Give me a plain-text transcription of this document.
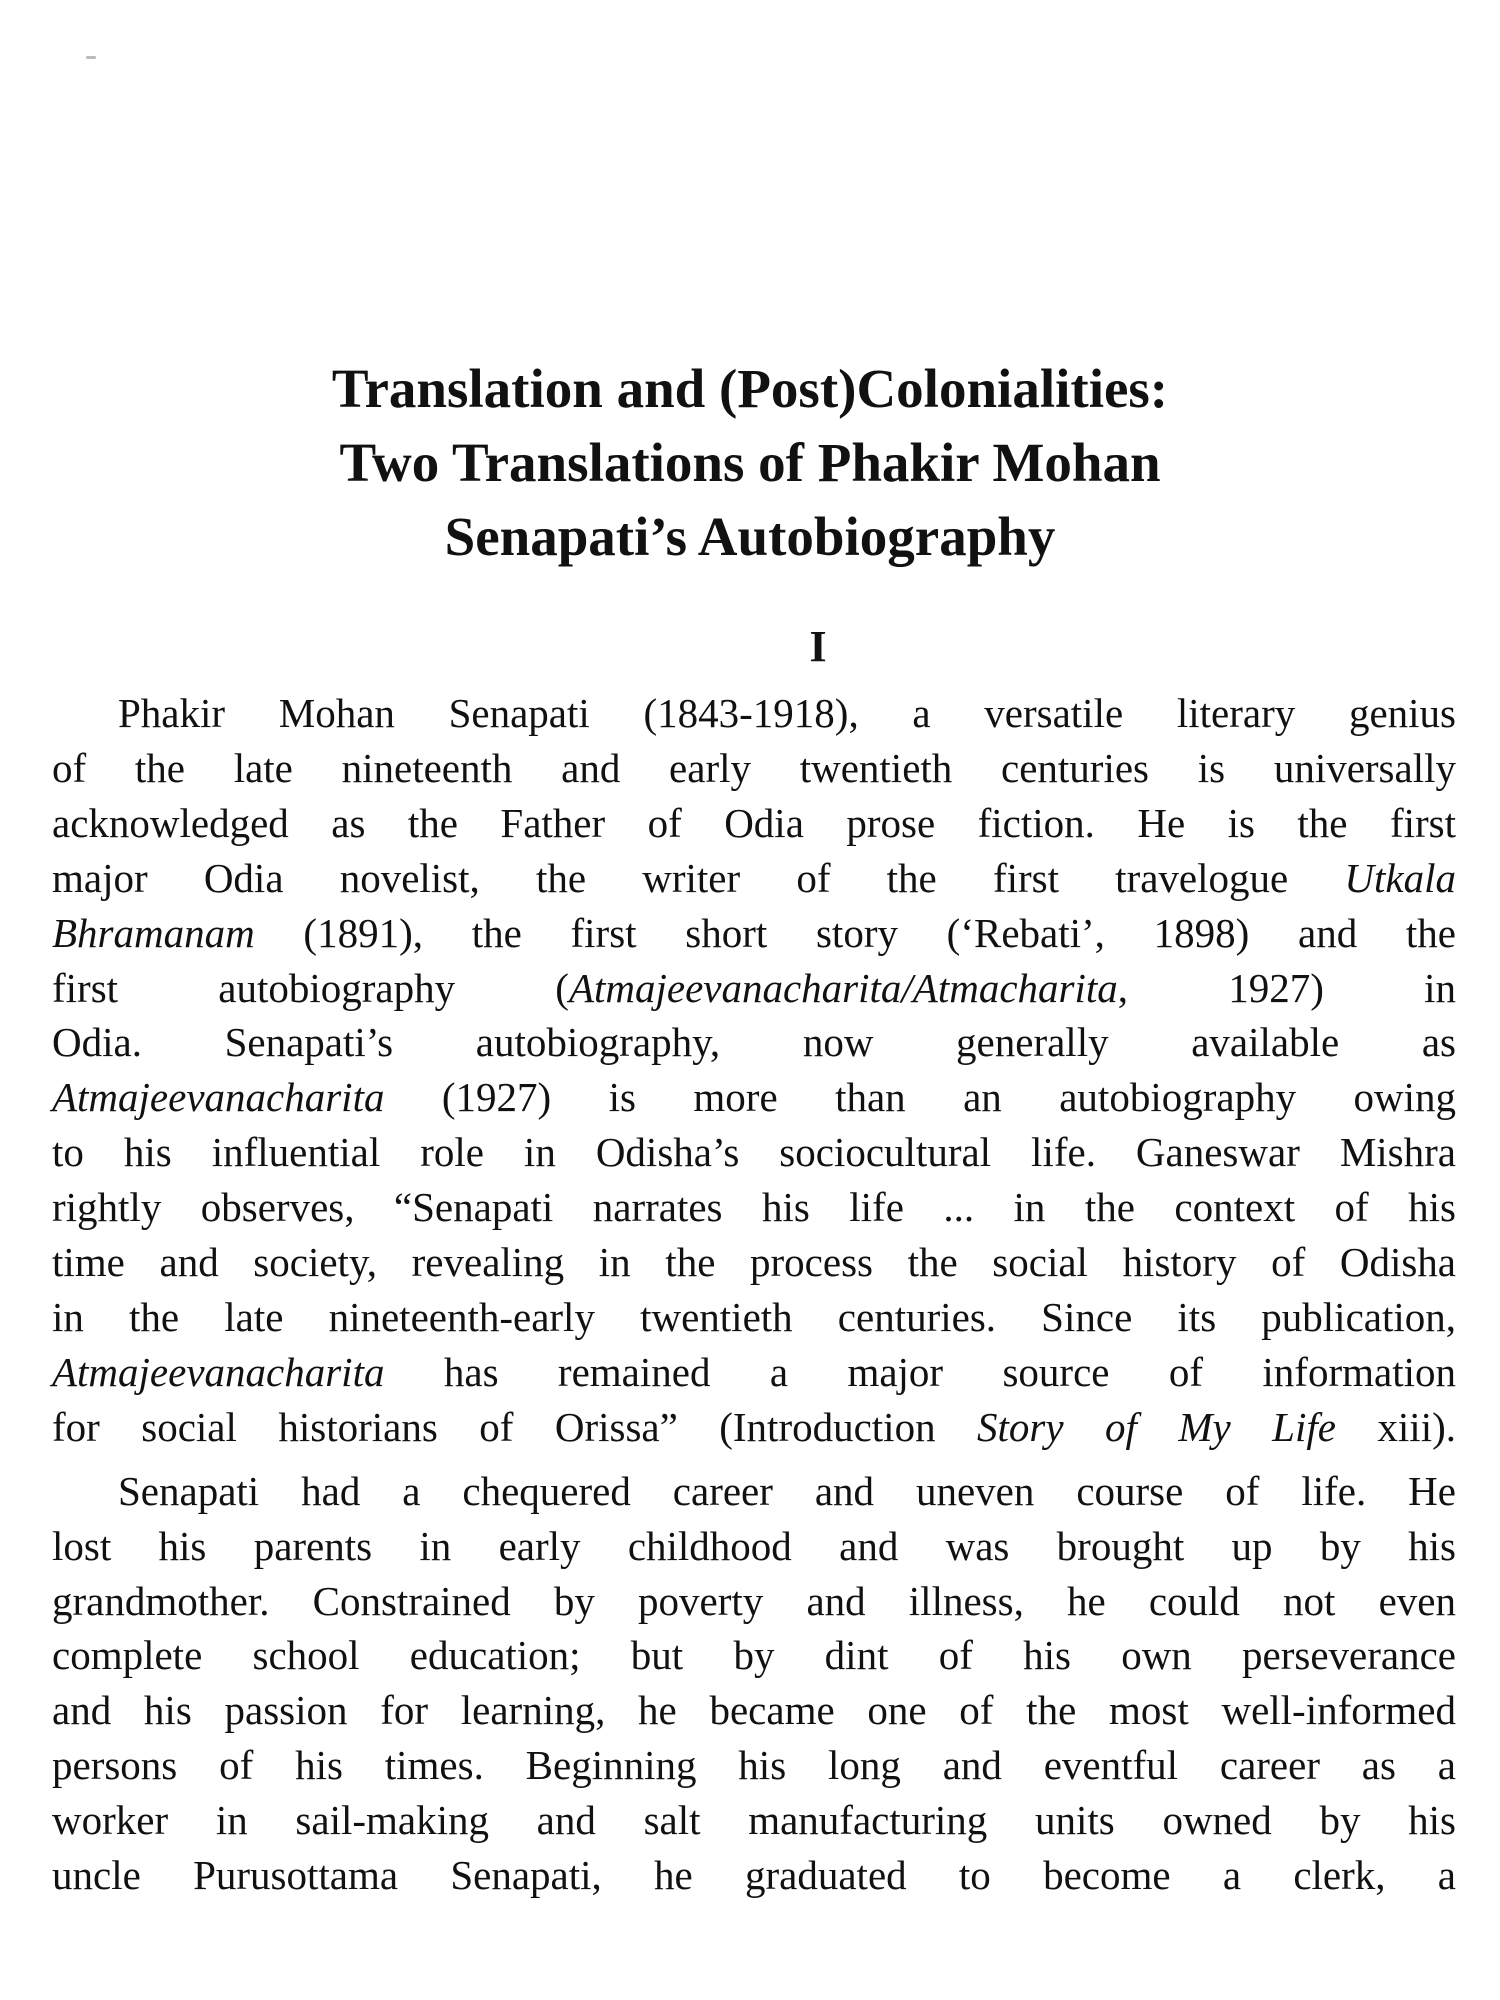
Translation and (Post)Colonialities:
Two Translations of Phakir Mohan
Senapati’s Autobiography
I
Phakir Mohan Senapati (1843-1918), a versatile literary genius
of the late nineteenth and early twentieth centuries is universally
acknowledged as the Father of Odia prose fiction. He is the first
major Odia novelist, the writer of the first travelogue Utkala
Bhramanam (1891), the first short story (‘Rebati’, 1898) and the
first autobiography (Atmajeevanacharita/Atmacharita, 1927) in
Odia. Senapati’s autobiography, now generally available as
Atmajeevanacharita (1927) is more than an autobiography owing
to his influential role in Odisha’s sociocultural life. Ganeswar Mishra
rightly observes, “Senapati narrates his life ... in the context of his
time and society, revealing in the process the social history of Odisha
in the late nineteenth-early twentieth centuries. Since its publication,
Atmajeevanacharita has remained a major source of information
for social historians of Orissa” (Introduction Story of My Life xiii).
Senapati had a chequered career and uneven course of life. He
lost his parents in early childhood and was brought up by his
grandmother. Constrained by poverty and illness, he could not even
complete school education; but by dint of his own perseverance
and his passion for learning, he became one of the most well-informed
persons of his times. Beginning his long and eventful career as a
worker in sail-making and salt manufacturing units owned by his
uncle Purusottama Senapati, he graduated to become a clerk, a
